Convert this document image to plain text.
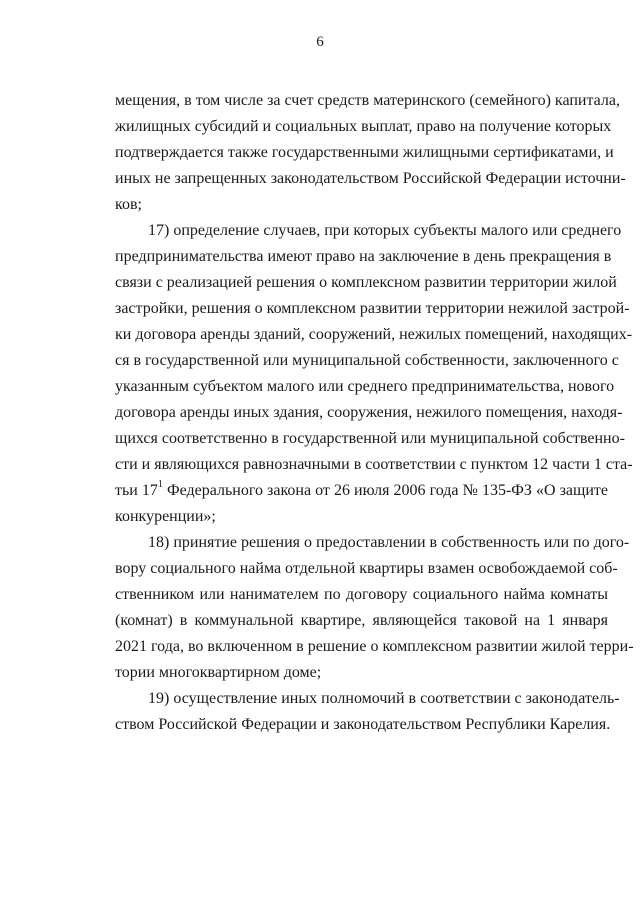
6
мещения, в том числе за счет средств материнского (семейного) капитала,
жилищных субсидий и социальных выплат, право на получение которых
подтверждается также государственными жилищными сертификатами, и
иных не запрещенных законодательством Российской Федерации источни-
ков;
17) определение случаев, при которых субъекты малого или среднего
предпринимательства имеют право на заключение в день прекращения в
связи с реализацией решения о комплексном развитии территории жилой
застройки, решения о комплексном развитии территории нежилой застрой-
ки договора аренды зданий, сооружений, нежилых помещений, находящих-
ся в государственной или муниципальной собственности, заключенного с
указанным субъектом малого или среднего предпринимательства, нового
договора аренды иных здания, сооружения, нежилого помещения, находя-
щихся соответственно в государственной или муниципальной собственно-
сти и являющихся равнозначными в соответствии с пунктом 12 части 1 ста-
тьи $17^1$ Федерального закона от 26 июля 2006 года № 135-ФЗ «О защите
конкуренции»;
18) принятие решения о предоставлении в собственность или по дого-
вору социального найма отдельной квартиры взамен освобождаемой соб-
ственником или нанимателем по договору социального найма комнаты
(комнат) в коммунальной квартире, являющейся таковой на 1 января
2021 года, во включенном в решение о комплексном развитии жилой терри-
тории многоквартирном доме;
19) осуществление иных полномочий в соответствии с законодатель-
ством Российской Федерации и законодательством Республики Карелия.
